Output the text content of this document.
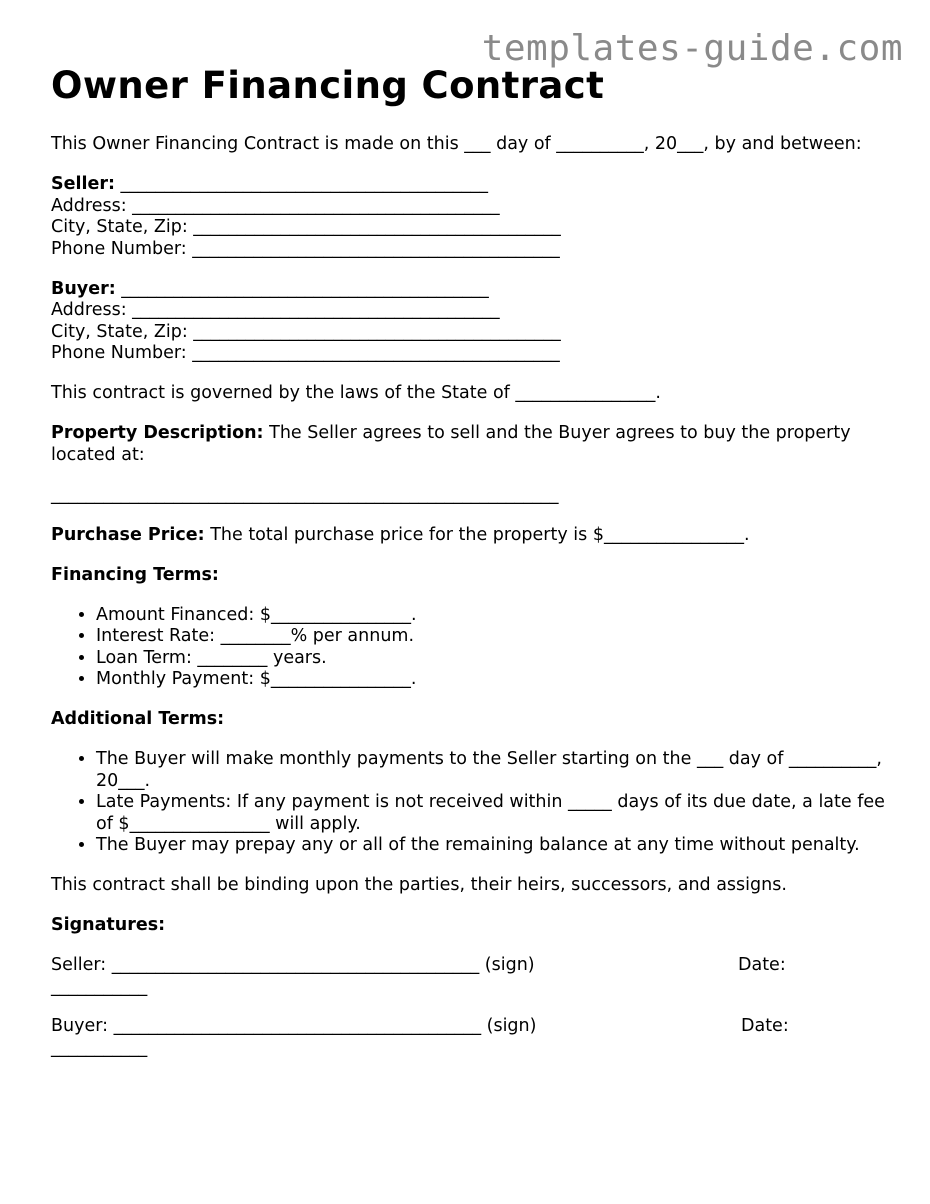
templates-guide.com
Owner Financing Contract

This Owner Financing Contract is made on this ___ day of __________, 20___, by and between:

Seller: __________________________________________
Address: __________________________________________
City, State, Zip: __________________________________________
Phone Number: __________________________________________
Buyer: __________________________________________
Address: __________________________________________
City, State, Zip: __________________________________________
Phone Number: __________________________________________

This contract is governed by the laws of the State of ________________.

Property Description: The Seller agrees to sell and the Buyer agrees to buy the property located at:

__________________________________________________________

Purchase Price: The total purchase price for the property is $________________.

Financing Terms:

• Amount Financed: $________________.
• Interest Rate: ________% per annum.
• Loan Term: ________ years.
• Monthly Payment: $________________.

Additional Terms:

• The Buyer will make monthly payments to the Seller starting on the ___ day of __________, 20___.
• Late Payments: If any payment is not received within _____ days of its due date, a late fee of $________________ will apply.
• The Buyer may prepay any or all of the remaining balance at any time without penalty.

This contract shall be binding upon the parties, their heirs, successors, and assigns.

Signatures:

Seller: __________________________________________ (sign)	Date:
___________
Buyer: __________________________________________ (sign)	Date:
___________
